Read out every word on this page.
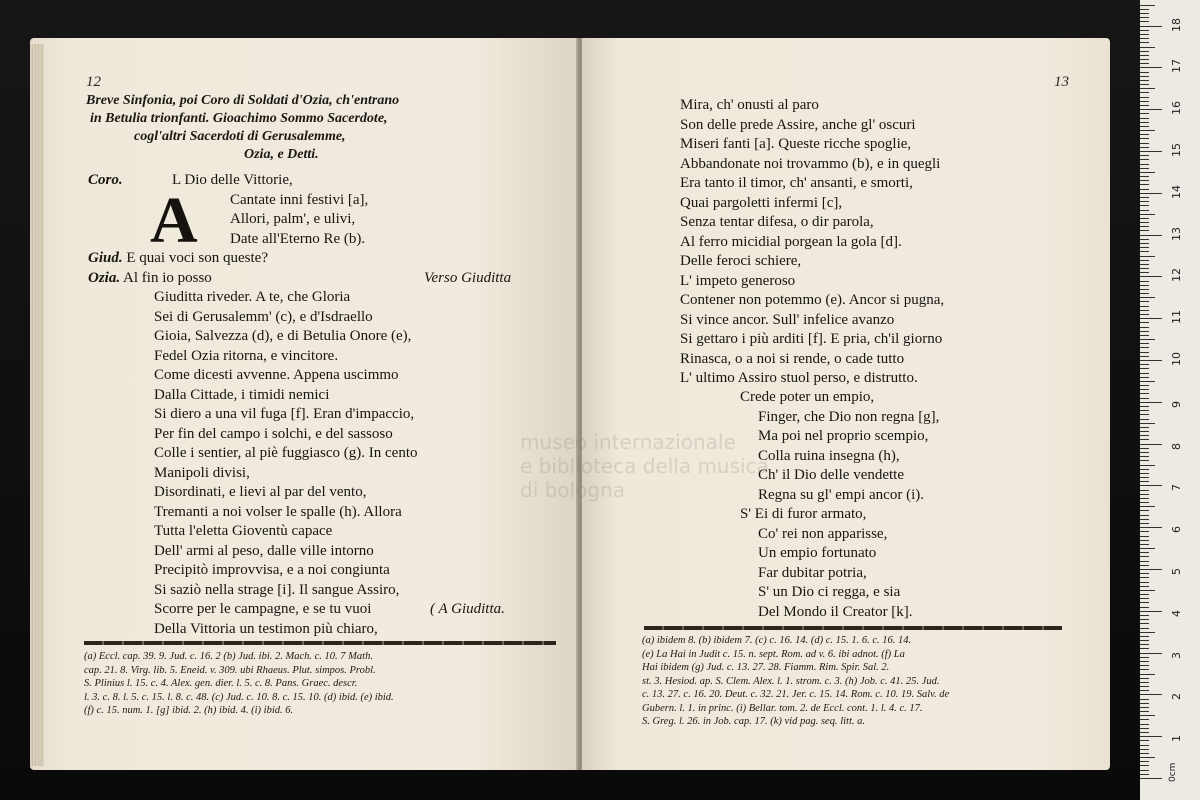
12
Breve Sinfonia, poi Coro di Soldati d'Ozia, ch'entrano
in Betulia trionfanti. Gioachimo Sommo Sacerdote,
cogl'altri Sacerdoti di Gerusalemme,
Ozia, e Detti.
A
Coro.	L Dio delle Vittorie,
Cantate inni festivi [a],
Allori, palm', e ulivi,
Date all'Eterno Re (b).
Giud. E quai voci son queste?
Ozia. Al fin io posso	Verso Giuditta
Giuditta riveder. A te, che Gloria
Sei di Gerusalemm' (c), e d'Isdraello
Gioia, Salvezza (d), e di Betulia Onore (e),
Fedel Ozia ritorna, e vincitore.
Come dicesti avvenne. Appena uscimmo
Dalla Cittade, i timidi nemici
Si diero a una vil fuga [f]. Eran d'impaccio,
Per fin del campo i solchi, e del sassoso
Colle i sentier, al piè fuggiasco (g). In cento
Manipoli divisi,
Disordinati, e lievi al par del vento,
Tremanti a noi volser le spalle (h). Allora
Tutta l'eletta Gioventù capace
Dell' armi al peso, dalle ville intorno
Precipitò improvvisa, e a noi congiunta
Si saziò nella strage [i]. Il sangue Assiro,
Scorre per le campagne, e se tu vuoi	( A Giuditta.
Della Vittoria un testimon più chiaro,
(a) Eccl. cap. 39. 9. Jud. c. 16. 2 (b) Jud. ibi. 2. Mach. c. 10. 7 Math.
cap. 21. 8. Virg. lib. 5. Eneid. v. 309. ubi Rhaeus. Plut. simpos. Probl.
S. Plinius l. 15. c. 4. Alex. gen. dier. l. 5. c. 8. Pans. Graec. descr.
l. 3. c. 8. l. 5. c. 15. l. 8. c. 48. (c) Jud. c. 10. 8. c. 15. 10. (d) ibid. (e) ibid.
(f) c. 15. num. 1. [g] ibid. 2. (h) ibid. 4. (i) ibid. 6.
13
Mira, ch' onusti al paro
Son delle prede Assire, anche gl' oscuri
Miseri fanti [a]. Queste ricche spoglie,
Abbandonate noi trovammo (b), e in quegli
Era tanto il timor, ch' ansanti, e smorti,
Quai pargoletti infermi [c],
Senza tentar difesa, o dir parola,
Al ferro micidial porgean la gola [d].
Delle feroci schiere,
L' impeto generoso
Contener non potemmo (e). Ancor si pugna,
Si vince ancor. Sull' infelice avanzo
Si gettaro i più arditi [f]. E pria, ch'il giorno
Rinasca, o a noi si rende, o cade tutto
L' ultimo Assiro stuol perso, e distrutto.
Crede poter un empio,
Finger, che Dio non regna [g],
Ma poi nel proprio scempio,
Colla ruina insegna (h),
Ch' il Dio delle vendette
Regna su gl' empi ancor (i).
S' Ei di furor armato,
Co' rei non apparisse,
Un empio fortunato
Far dubitar potria,
S' un Dio ci regga, e sia
Del Mondo il Creator [k].
(a) ibidem 8. (b) ibidem 7. (c) c. 16. 14. (d) c. 15. 1. 6. c. 16. 14.
(e) La Hai in Judit c. 15. n. sept. Rom. ad v. 6. ibi adnot. (f) La
Hai ibidem (g) Jud. c. 13. 27. 28. Fiamm. Rim. Spir. Sal. 2.
st. 3. Hesiod. ap. S. Clem. Alex. l. 1. strom. c. 3. (h) Job. c. 41. 25. Jud.
c. 13. 27. c. 16. 20. Deut. c. 32. 21. Jer. c. 15. 14. Rom. c. 10. 19. Salv. de
Gubern. l. 1. in princ. (i) Bellar. tom. 2. de Eccl. cont. 1. l. 4. c. 17.
S. Greg. l. 26. in Job. cap. 17. (k) vid pag. seq. litt. a.
museo internazionale
e biblioteca della musica
di bologna
0cm
18
17
16
15
14
13
12
11
10
9
8
7
6
5
4
3
2
1
